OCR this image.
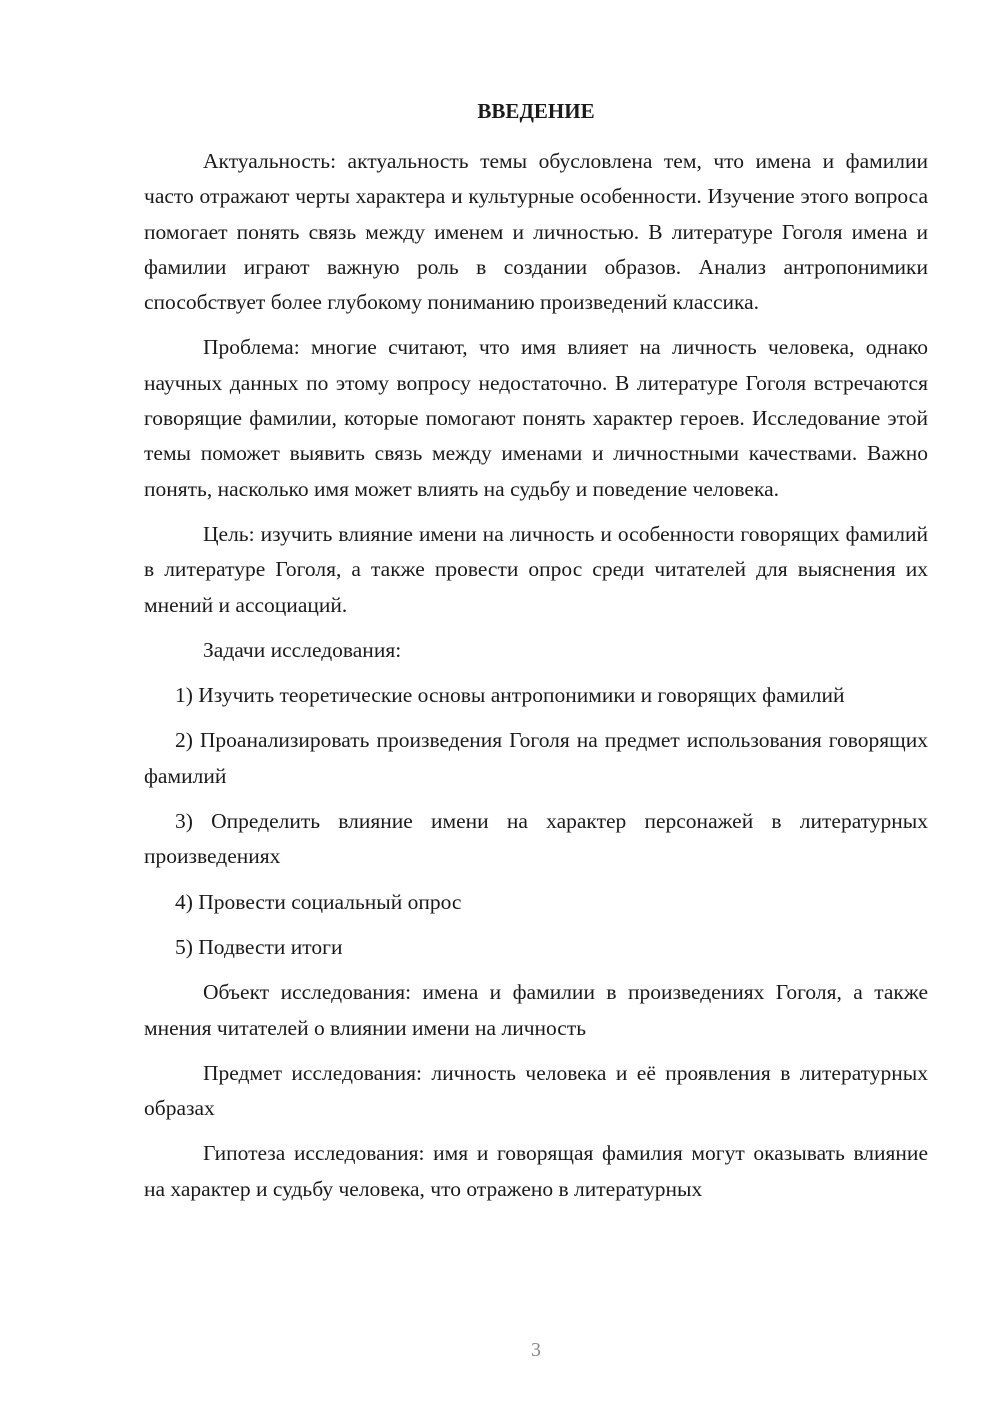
ВВЕДЕНИЕ

Актуальность: актуальность темы обусловлена тем, что имена и фамилии часто отражают черты характера и культурные особенности. Изучение этого вопроса помогает понять связь между именем и личностью. В литературе Гоголя имена и фамилии играют важную роль в создании образов. Анализ антропонимики способствует более глубокому пониманию произведений классика.

Проблема: многие считают, что имя влияет на личность человека, однако научных данных по этому вопросу недостаточно. В литературе Гоголя встречаются говорящие фамилии, которые помогают понять характер героев. Исследование этой темы поможет выявить связь между именами и личностными качествами. Важно понять, насколько имя может влиять на судьбу и поведение человека.

Цель: изучить влияние имени на личность и особенности говорящих фамилий в литературе Гоголя, а также провести опрос среди читателей для выяснения их мнений и ассоциаций.

Задачи исследования:

1) Изучить теоретические основы антропонимики и говорящих фамилий

2) Проанализировать произведения Гоголя на предмет использования говорящих фамилий

3) Определить влияние имени на характер персонажей в литературных произведениях

4) Провести социальный опрос

5) Подвести итоги

Объект исследования: имена и фамилии в произведениях Гоголя, а также мнения читателей о влиянии имени на личность

Предмет исследования: личность человека и её проявления в литературных образах

Гипотеза исследования: имя и говорящая фамилия могут оказывать влияние на характер и судьбу человека, что отражено в литературных

3
